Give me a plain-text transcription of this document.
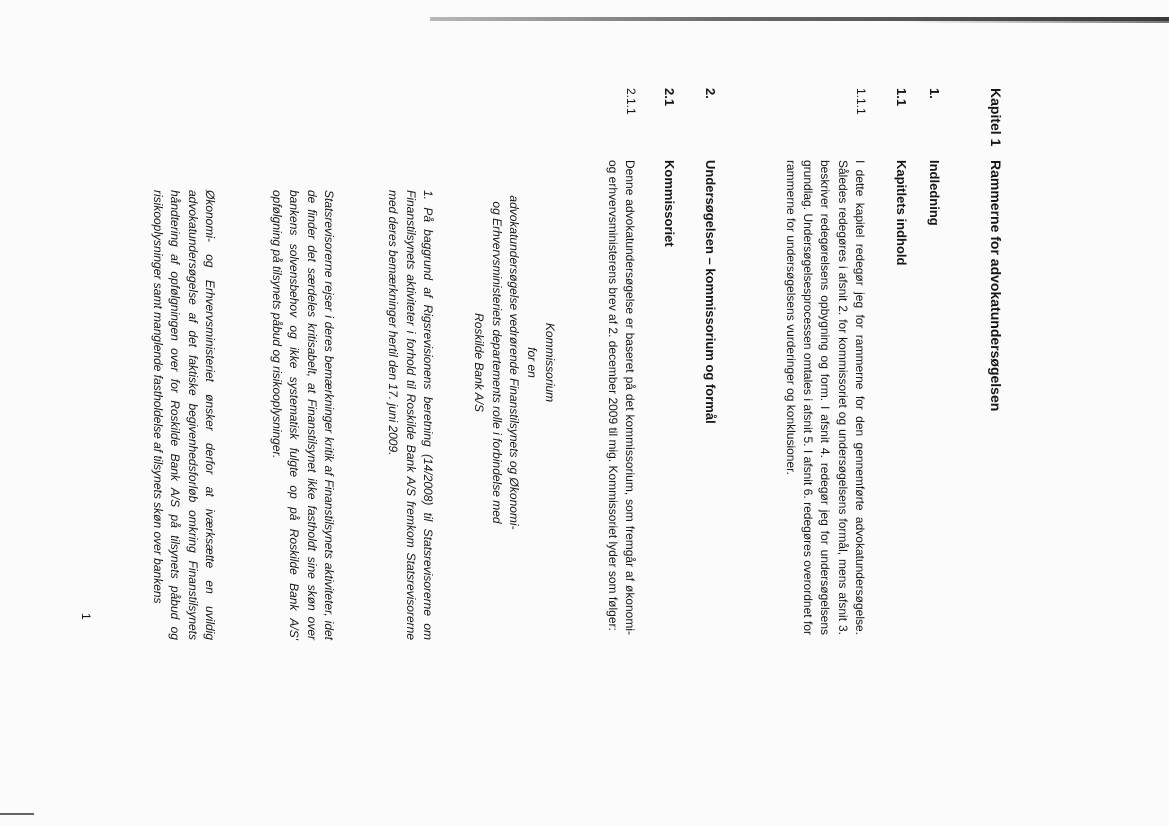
1

Kapitel 1

Rammerne for advokatundersøgelsen

1.

Indledning

1.1

Kapitlets indhold

1.1.1

I dette kapitel redegør jeg for rammerne for den gennemførte advokatundersøgelse. Således redegøres i afsnit 2. for kommissoriet og undersøgelsens formål, mens afsnit 3. beskriver redegørelsens opbygning og form. I afsnit 4. redegør jeg for undersøgelsens grundlag. Undersøgelsesprocessen omtales i afsnit 5. I afsnit 6. redegøres overordnet for rammerne for undersøgelsens vurderinger og konklusioner.

2.

Undersøgelsen – kommissorium og formål

2.1

Kommissoriet

2.1.1

Denne advokatundersøgelse er baseret på det kommissorium, som fremgår af økonomi- og erhvervsministerens brev af 2. december 2009 til mig. Kommissoriet lyder som følger:

Kommissorium

for en

advokatundersøgelse vedrørende Finanstilsynets og Økonomi- og Erhvervsministeriets departements rolle i forbindelse med Roskilde Bank A/S

1. På baggrund af Rigsrevisionens beretning (14/2008) til Statsrevisorerne om Finanstilsynets aktiviteter i forhold til Roskilde Bank A/S fremkom Statsrevisorerne med deres bemærkninger hertil den 17. juni 2009.

Statsrevisorerne rejser i deres bemærkninger kritik af Finanstilsynets aktiviteter, idet de finder det særdeles kritisabelt, at Finanstilsynet ikke fastholdt sine skøn over bankens solvensbehov og ikke systematisk fulgte op på Roskilde Bank A/S' opfølgning på tilsynets påbud og risikooplysninger.

Økonomi- og Erhvervsministeriet ønsker derfor at iværksætte en uvildig advokatundersøgelse af det faktiske begivenhedsforløb omkring Finanstilsynets håndtering af opfølgningen over for Roskilde Bank A/S på tilsynets påbud og risikooplysninger samt manglende fastholdelse af tilsynets skøn over bankens
